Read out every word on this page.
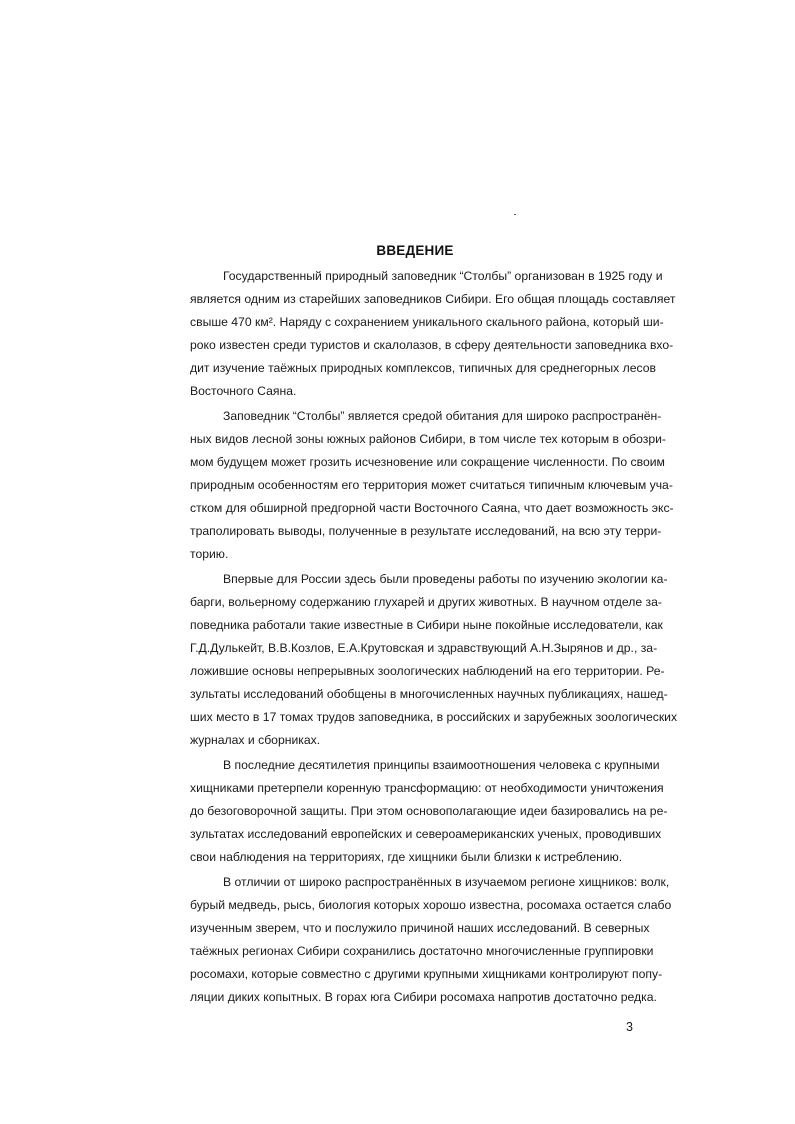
ВВЕДЕНИЕ

Государственный природный заповедник “Столбы” организован в 1925 году и

является одним из старейших заповедников Сибири. Его общая площадь составляет

свыше 470 км². Наряду с сохранением уникального скального района, который ши-

роко известен среди туристов и скалолазов, в сферу деятельности заповедника вхо-

дит изучение таёжных природных комплексов, типичных для среднегорных лесов

Восточного Саяна.

Заповедник “Столбы” является средой обитания для широко распространён-

ных видов лесной зоны южных районов Сибири, в том числе тех которым в обозри-

мом будущем может грозить исчезновение или сокращение численности. По своим

природным особенностям его территория может считаться типичным ключевым уча-

стком для обширной предгорной части Восточного Саяна, что дает возможность экс-

траполировать выводы, полученные в результате исследований, на всю эту терри-

торию.

Впервые для России здесь были проведены работы по изучению экологии ка-

барги, вольерному содержанию глухарей и других животных. В научном отделе за-

поведника работали такие известные в Сибири ныне покойные исследователи, как

Г.Д.Дулькейт, В.В.Козлов, Е.А.Крутовская и здравствующий А.Н.Зырянов и др., за-

ложившие основы непрерывных зоологических наблюдений на его территории. Ре-

зультаты исследований обобщены в многочисленных научных публикациях, нашед-

ших место в 17 томах трудов заповедника, в российских и зарубежных зоологических

журналах и сборниках.

В последние десятилетия принципы взаимоотношения человека с крупными

хищниками претерпели коренную трансформацию: от необходимости уничтожения

до безоговорочной защиты. При этом основополагающие идеи базировались на ре-

зультатах исследований европейских и североамериканских ученых, проводивших

свои наблюдения на территориях, где хищники были близки к истреблению.

В отличии от широко распространённых в изучаемом регионе хищников: волк,

бурый медведь, рысь, биология которых хорошо известна, росомаха остается слабо

изученным зверем, что и послужило причиной наших исследований. В северных

таёжных регионах Сибири сохранились достаточно многочисленные группировки

росомахи, которые совместно с другими крупными хищниками контролируют попу-

ляции диких копытных. В горах юга Сибири росомаха напротив достаточно редка.

3
